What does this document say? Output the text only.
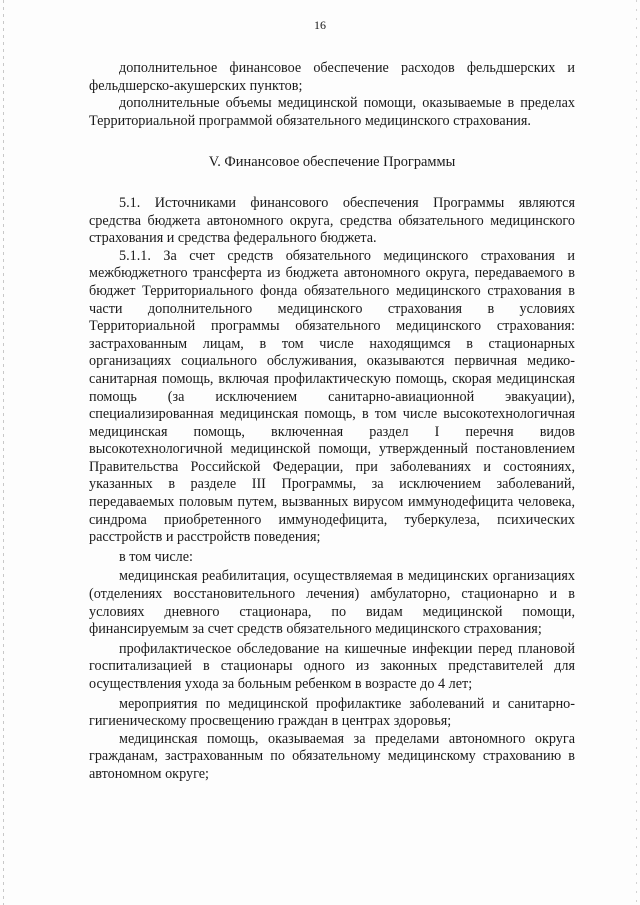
16

дополнительное финансовое обеспечение расходов фельдшерских и фельдшерско-акушерских пунктов;

дополнительные объемы медицинской помощи, оказываемые в пределах Территориальной программой обязательного медицинского страхования.

V. Финансовое обеспечение Программы

5.1. Источниками финансового обеспечения Программы являются средства бюджета автономного округа, средства обязательного медицинского страхования и средства федерального бюджета.

5.1.1. За счет средств обязательного медицинского страхования и межбюджетного трансферта из бюджета автономного округа, передаваемого в бюджет Территориального фонда обязательного медицинского страхования в части дополнительного медицинского страхования в условиях Территориальной программы обязательного медицинского страхования: застрахованным лицам, в том числе находящимся в стационарных организациях социального обслуживания, оказываются первичная медико-санитарная помощь, включая профилактическую помощь, скорая медицинская помощь (за исключением санитарно-авиационной эвакуации), специализированная медицинская помощь, в том числе высокотехнологичная медицинская помощь, включенная раздел I перечня видов высокотехнологичной медицинской помощи, утвержденный постановлением Правительства Российской Федерации, при заболеваниях и состояниях, указанных в разделе III Программы, за исключением заболеваний, передаваемых половым путем, вызванных вирусом иммунодефицита человека, синдрома приобретенного иммунодефицита, туберкулеза, психических расстройств и расстройств поведения;

в том числе:

медицинская реабилитация, осуществляемая в медицинских организациях (отделениях восстановительного лечения) амбулаторно, стационарно и в условиях дневного стационара, по видам медицинской помощи, финансируемым за счет средств обязательного медицинского страхования;

профилактическое обследование на кишечные инфекции перед плановой госпитализацией в стационары одного из законных представителей для осуществления ухода за больным ребенком в возрасте до 4 лет;

мероприятия по медицинской профилактике заболеваний и санитарно-гигиеническому просвещению граждан в центрах здоровья;

медицинская помощь, оказываемая за пределами автономного округа гражданам, застрахованным по обязательному медицинскому страхованию в автономном округе;
